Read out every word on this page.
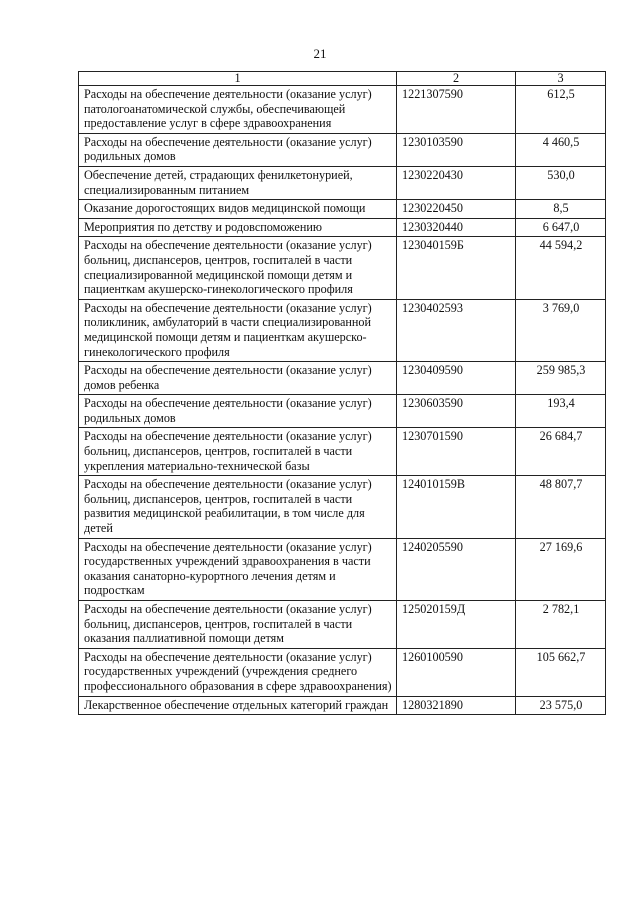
21
1	2	3
Расходы на обеспечение деятельности (оказание услуг) патологоанатомической службы, обеспечивающей предоставление услуг в сфере здравоохранения	1221307590	612,5
Расходы на обеспечение деятельности (оказание услуг) родильных домов	1230103590	4 460,5
Обеспечение детей, страдающих фенилкетонурией, специализированным питанием	1230220430	530,0
Оказание дорогостоящих видов медицинской помощи	1230220450	8,5
Мероприятия по детству и родовспоможению	1230320440	6 647,0
Расходы на обеспечение деятельности (оказание услуг) больниц, диспансеров, центров, госпиталей в части специализированной медицинской помощи детям и пациенткам акушерско-гинекологического профиля	123040159Б	44 594,2
Расходы на обеспечение деятельности (оказание услуг) поликлиник, амбулаторий в части специализированной медицинской помощи детям и пациенткам акушерско-гинекологического профиля	1230402593	3 769,0
Расходы на обеспечение деятельности (оказание услуг) домов ребенка	1230409590	259 985,3
Расходы на обеспечение деятельности (оказание услуг) родильных домов	1230603590	193,4
Расходы на обеспечение деятельности (оказание услуг) больниц, диспансеров, центров, госпиталей в части укрепления материально-технической базы	1230701590	26 684,7
Расходы на обеспечение деятельности (оказание услуг) больниц, диспансеров, центров, госпиталей в части развития медицинской реабилитации, в том числе для детей	124010159В	48 807,7
Расходы на обеспечение деятельности (оказание услуг) государственных учреждений здравоохранения в части оказания санаторно-курортного лечения детям и подросткам	1240205590	27 169,6
Расходы на обеспечение деятельности (оказание услуг) больниц, диспансеров, центров, госпиталей в части оказания паллиативной помощи детям	125020159Д	2 782,1
Расходы на обеспечение деятельности (оказание услуг) государственных учреждений (учреждения среднего профессионального образования в сфере здравоохранения)	1260100590	105 662,7
Лекарственное обеспечение отдельных категорий граждан	1280321890	23 575,0
